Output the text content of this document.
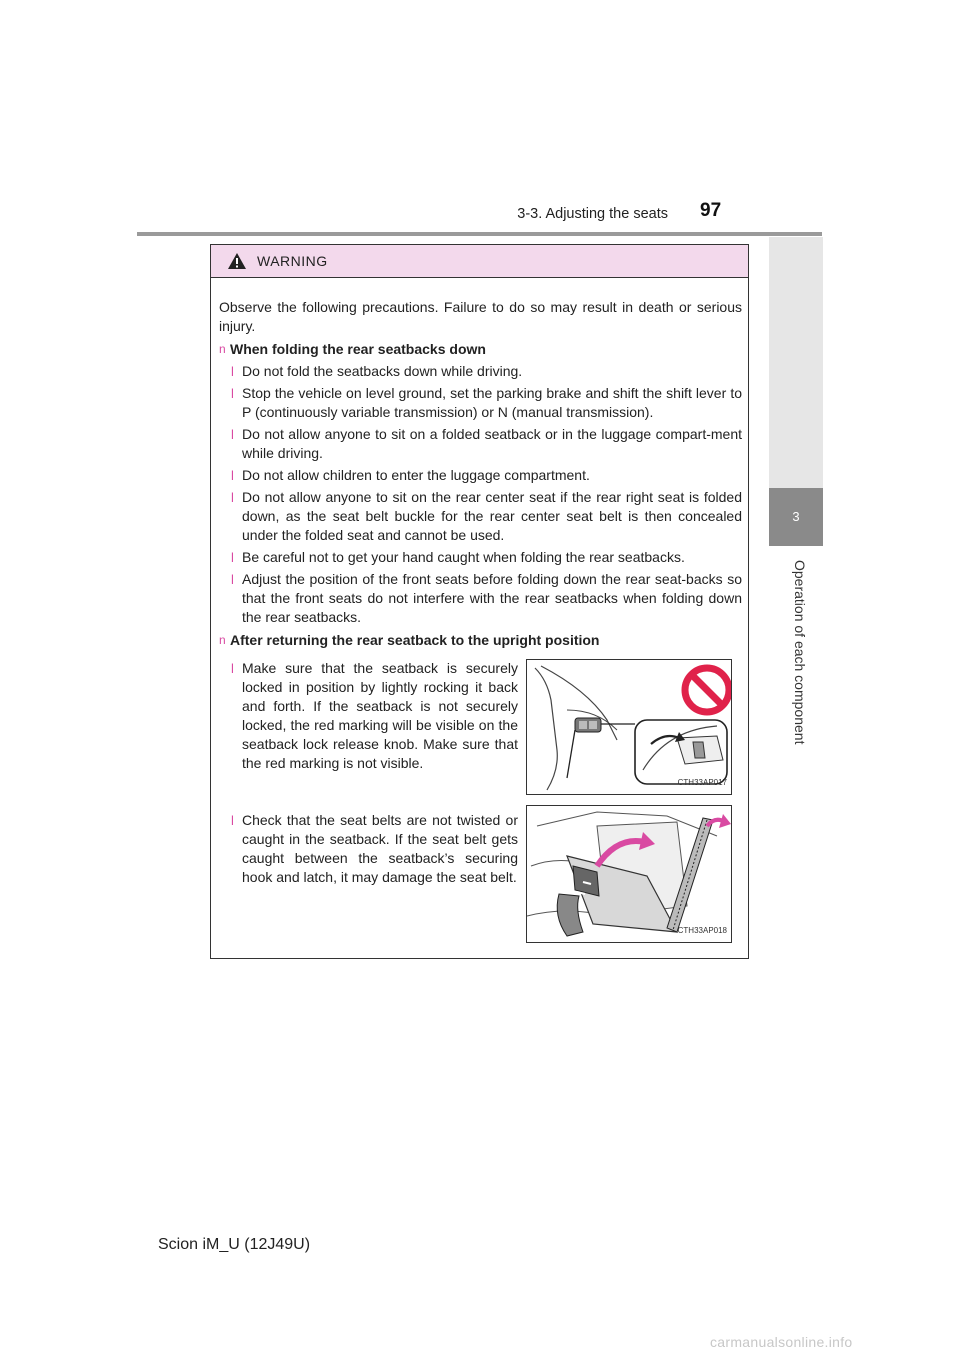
3-3. Adjusting the seats 97
3
Operation of each component
WARNING
Observe the following precautions. Failure to do so may result in death or serious injury.
n When folding the rear seatbacks down
l Do not fold the seatbacks down while driving.
l Stop the vehicle on level ground, set the parking brake and shift the shift lever to P (continuously variable transmission) or N (manual transmission).
l Do not allow anyone to sit on a folded seatback or in the luggage compart-ment while driving.
l Do not allow children to enter the luggage compartment.
l Do not allow anyone to sit on the rear center seat if the rear right seat is folded down, as the seat belt buckle for the rear center seat belt is then concealed under the folded seat and cannot be used.
l Be careful not to get your hand caught when folding the rear seatbacks.
l Adjust the position of the front seats before folding down the rear seat-backs so that the front seats do not interfere with the rear seatbacks when folding down the rear seatbacks.
n After returning the rear seatback to the upright position
l Make sure that the seatback is securely locked in position by lightly rocking it back and forth. If the seatback is not securely locked, the red marking will be visible on the seatback lock release knob. Make sure that the red marking is not visible.
CTH33AP017
l Check that the seat belts are not twisted or caught in the seatback. If the seat belt gets caught between the seatback’s securing hook and latch, it may damage the seat belt.
CTH33AP018
Scion iM_U (12J49U)
carmanualsonline.info
